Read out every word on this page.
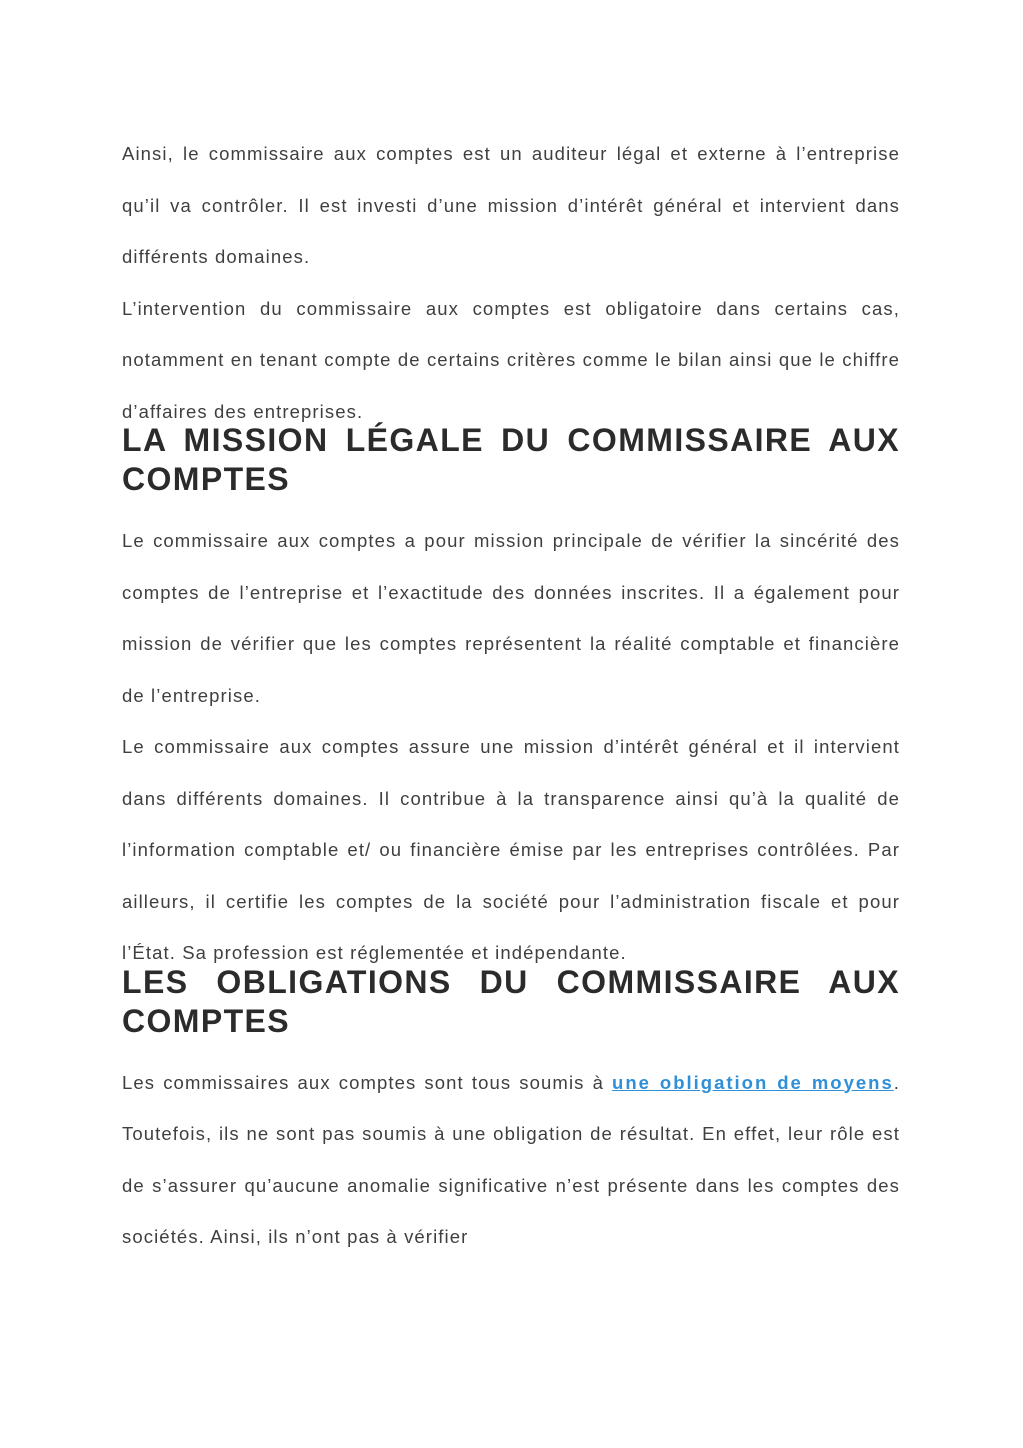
Ainsi, le commissaire aux comptes est un auditeur légal et externe à l’entreprise qu’il va contrôler. Il est investi d’une mission d’intérêt général et intervient dans différents domaines.

L’intervention du commissaire aux comptes est obligatoire dans certains cas, notamment en tenant compte de certains critères comme le bilan ainsi que le chiffre d’affaires des entreprises.

LA MISSION LÉGALE DU COMMISSAIRE AUX
COMPTES

Le commissaire aux comptes a pour mission principale de vérifier la sincérité des comptes de l’entreprise et l’exactitude des données inscrites. Il a également pour mission de vérifier que les comptes représentent la réalité comptable et financière de l’entreprise.

Le commissaire aux comptes assure une mission d’intérêt général et il intervient dans différents domaines. Il contribue à la transparence ainsi qu’à la qualité de l’information comptable et/ ou financière émise par les entreprises contrôlées. Par ailleurs, il certifie les comptes de la société pour l’administration fiscale et pour l’État. Sa profession est réglementée et indépendante.

LES OBLIGATIONS DU COMMISSAIRE AUX
COMPTES

Les commissaires aux comptes sont tous soumis à une obligation de moyens. Toutefois, ils ne sont pas soumis à une obligation de résultat. En effet, leur rôle est de s’assurer qu’aucune anomalie significative n’est présente dans les comptes des sociétés. Ainsi, ils n’ont pas à vérifier
